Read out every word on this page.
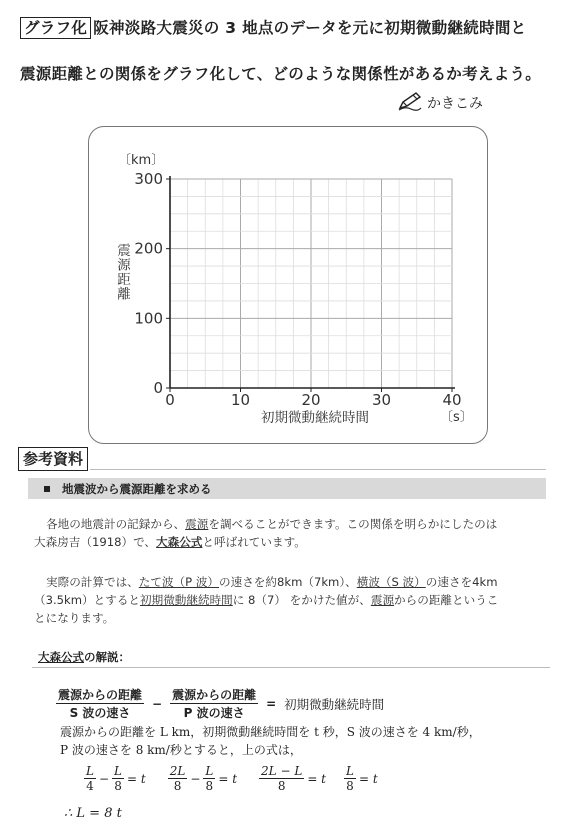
グラフ化 阪神淡路大震災の 3 地点のデータを元に初期微動継続時間と
震源距離との関係をグラフ化して、どのような関係性があるか考えよう。
かきこみ
0	10	20	30	40
0
100
200
300
〔km〕
〔s〕
初期微動継続時間
震源距離
参考資料
地震波から震源距離を求める
各地の地震計の記録から、震源を調べることができます。この関係を明らかにしたのは
大森房吉（1918）で、大森公式と呼ばれています。
実際の計算では、たて波（P 波）の速さを約8km（7km）、横波（S 波）の速さを4km
（3.5km）とすると初期微動継続時間に 8（7） をかけた値が、震源からの距離というこ
とになります。
大森公式の解説：
$\frac{\text{震源からの距離}}{\text{S 波の速さ}} - \frac{\text{震源からの距離}}{\text{P 波の速さ}}$ = 初期微動継続時間
震源からの距離を L km，初期微動継続時間を t 秒，S 波の速さを 4 km/秒，
P 波の速さを 8 km/秒とすると，上の式は，
$\frac{L}{4} - \frac{L}{8} = t \frac{2L}{8} - \frac{L}{8} = t \frac{2L - L}{8} = t \frac{L}{8} = t$
∴ L = 8 t
